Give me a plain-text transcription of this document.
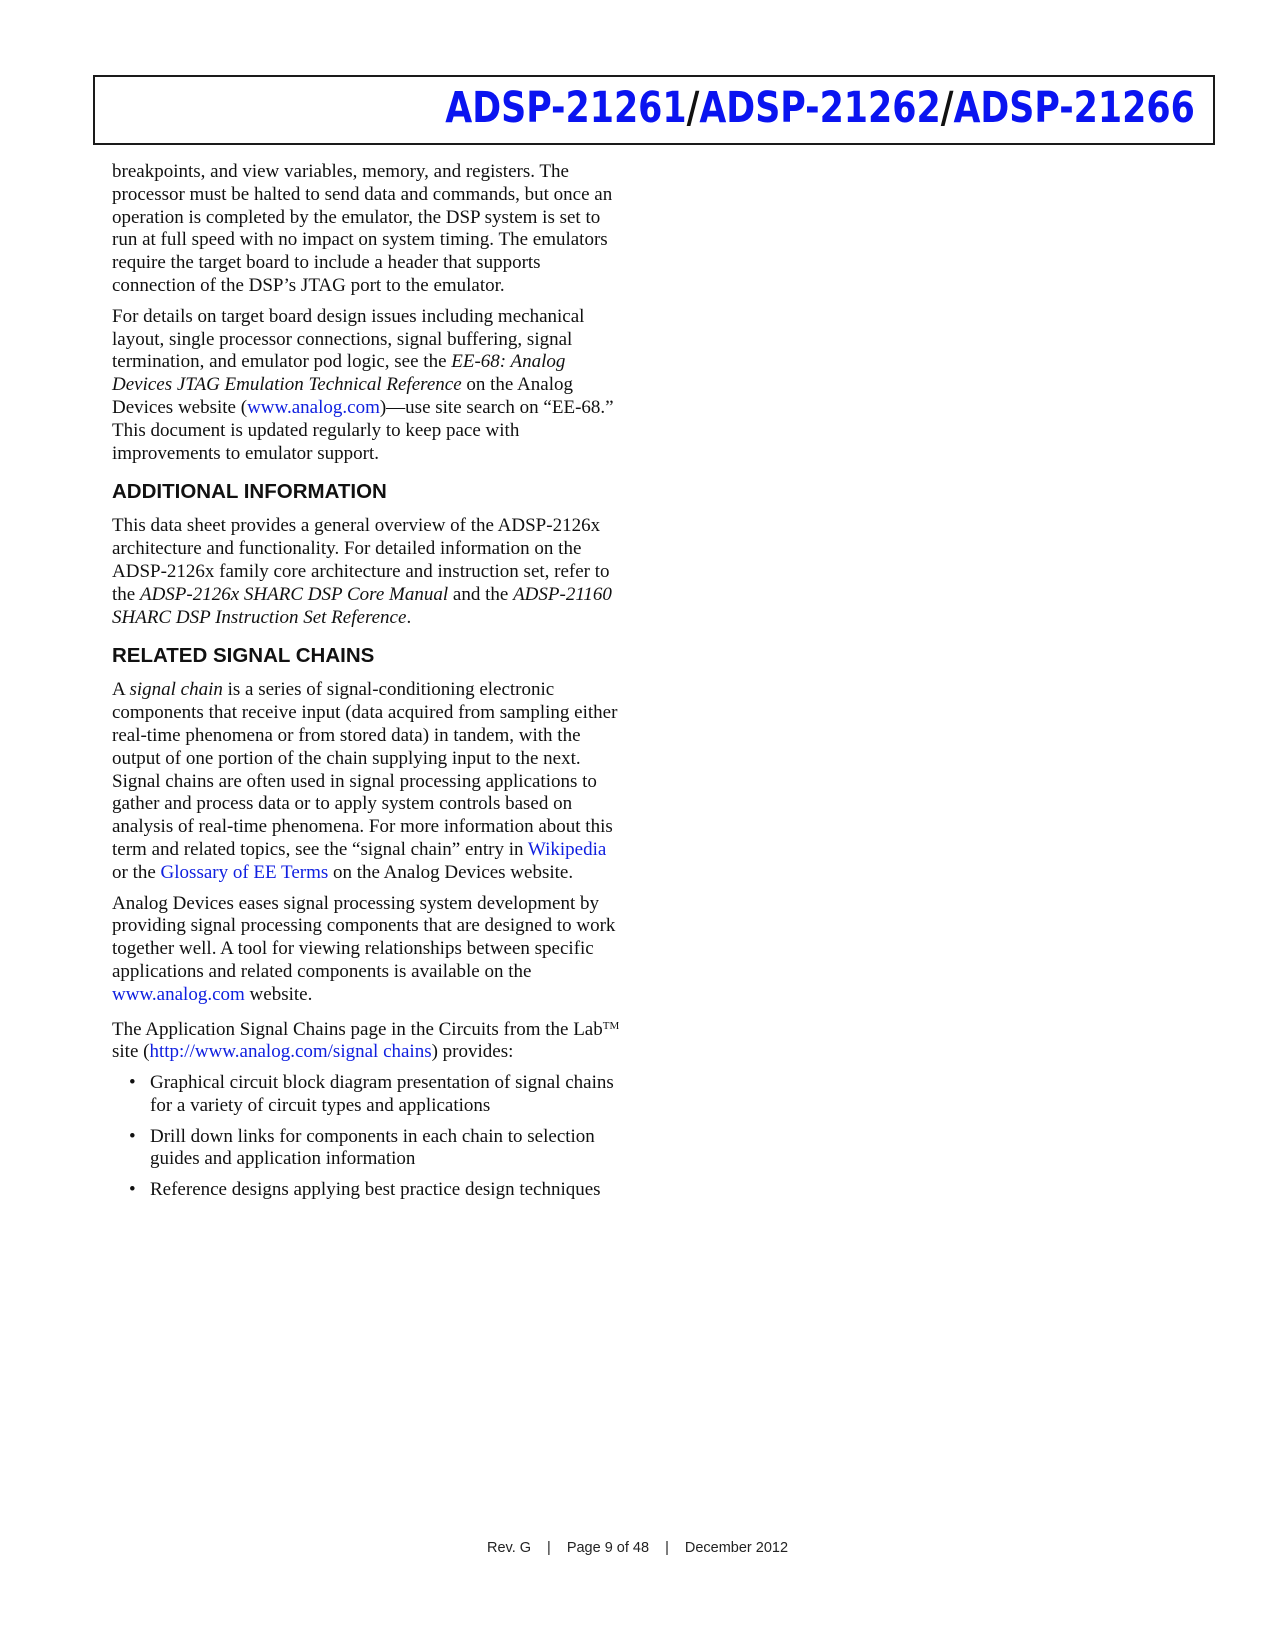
ADSP-21261/ADSP-21262/ADSP-21266

breakpoints, and view variables, memory, and registers. The processor must be halted to send data and commands, but once an operation is completed by the emulator, the DSP system is set to run at full speed with no impact on system timing. The emulators require the target board to include a header that supports connection of the DSP’s JTAG port to the emulator.

For details on target board design issues including mechanical layout, single processor connections, signal buffering, signal termination, and emulator pod logic, see the EE-68: Analog Devices JTAG Emulation Technical Reference on the Analog Devices website (www.analog.com)—use site search on “EE-68.” This document is updated regularly to keep pace with improvements to emulator support.

ADDITIONAL INFORMATION

This data sheet provides a general overview of the ADSP-2126x architecture and functionality. For detailed information on the ADSP-2126x family core architecture and instruction set, refer to the ADSP-2126x SHARC DSP Core Manual and the ADSP-21160 SHARC DSP Instruction Set Reference.

RELATED SIGNAL CHAINS

A signal chain is a series of signal-conditioning electronic components that receive input (data acquired from sampling either real-time phenomena or from stored data) in tandem, with the output of one portion of the chain supplying input to the next. Signal chains are often used in signal processing applications to gather and process data or to apply system controls based on analysis of real-time phenomena. For more information about this term and related topics, see the “signal chain” entry in Wikipedia or the Glossary of EE Terms on the Analog Devices website.

Analog Devices eases signal processing system development by providing signal processing components that are designed to work together well. A tool for viewing relationships between specific applications and related components is available on the www.analog.com website.

The Application Signal Chains page in the Circuits from the Lab™ site (http://www.analog.com/signal chains) provides:

• Graphical circuit block diagram presentation of signal chains for a variety of circuit types and applications
• Drill down links for components in each chain to selection guides and application information
• Reference designs applying best practice design techniques
Rev. G | Page 9 of 48 | December 2012
